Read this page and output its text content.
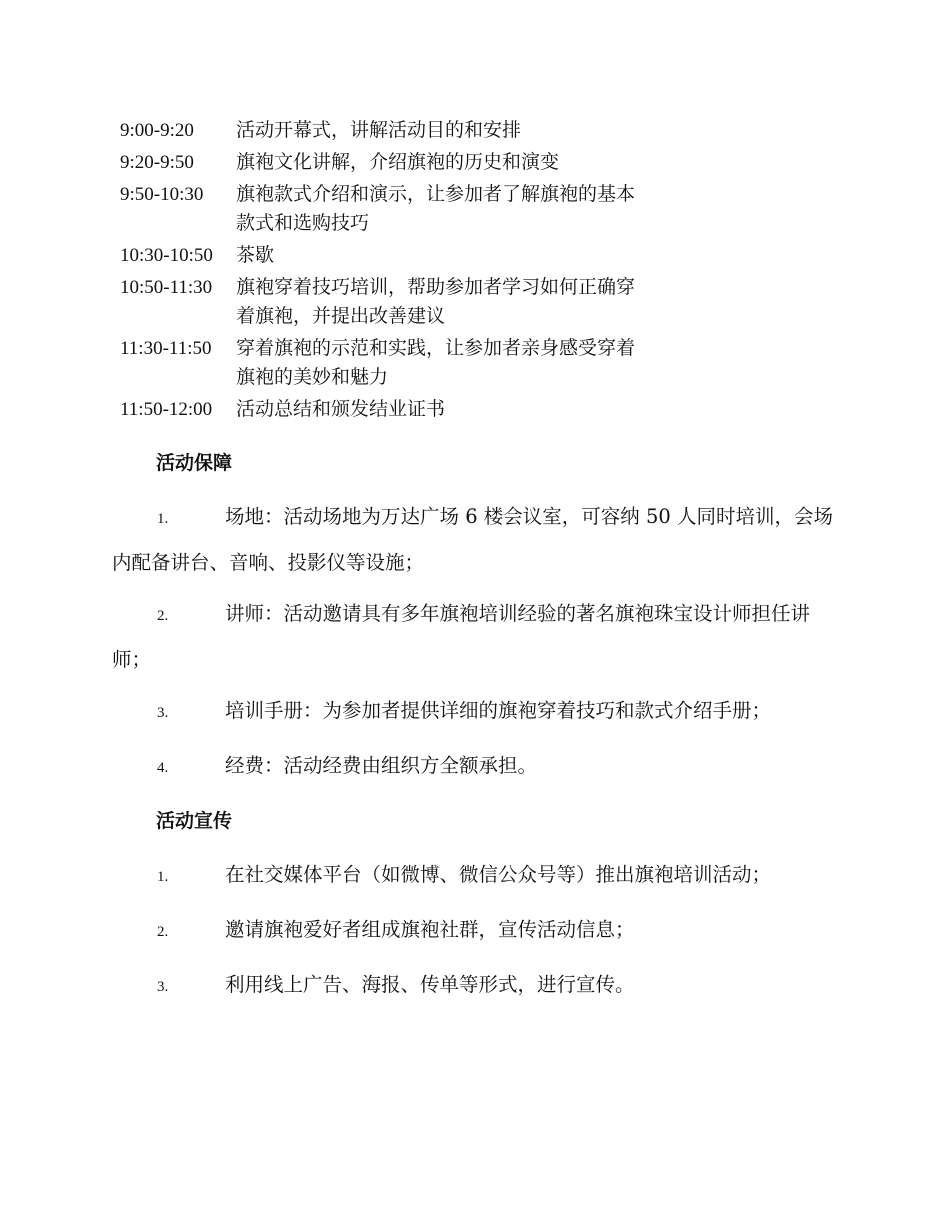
9:00-9:20	活动开幕式，讲解活动目的和安排
9:20-9:50	旗袍文化讲解，介绍旗袍的历史和演变
9:50-10:30	旗袍款式介绍和演示，让参加者了解旗袍的基本款式和选购技巧
10:30-10:50	茶歇
10:50-11:30	旗袍穿着技巧培训，帮助参加者学习如何正确穿着旗袍，并提出改善建议
11:30-11:50	穿着旗袍的示范和实践，让参加者亲身感受穿着旗袍的美妙和魅力
11:50-12:00	活动总结和颁发结业证书
活动保障
1.	场地：活动场地为万达广场 6 楼会议室，可容纳 50 人同时培训，会场内配备讲台、音响、投影仪等设施；
2.	讲师：活动邀请具有多年旗袍培训经验的著名旗袍珠宝设计师担任讲师；
3.	培训手册：为参加者提供详细的旗袍穿着技巧和款式介绍手册；
4.	经费：活动经费由组织方全额承担。
活动宣传
1.	在社交媒体平台（如微博、微信公众号等）推出旗袍培训活动；
2.	邀请旗袍爱好者组成旗袍社群，宣传活动信息；
3.	利用线上广告、海报、传单等形式，进行宣传。
